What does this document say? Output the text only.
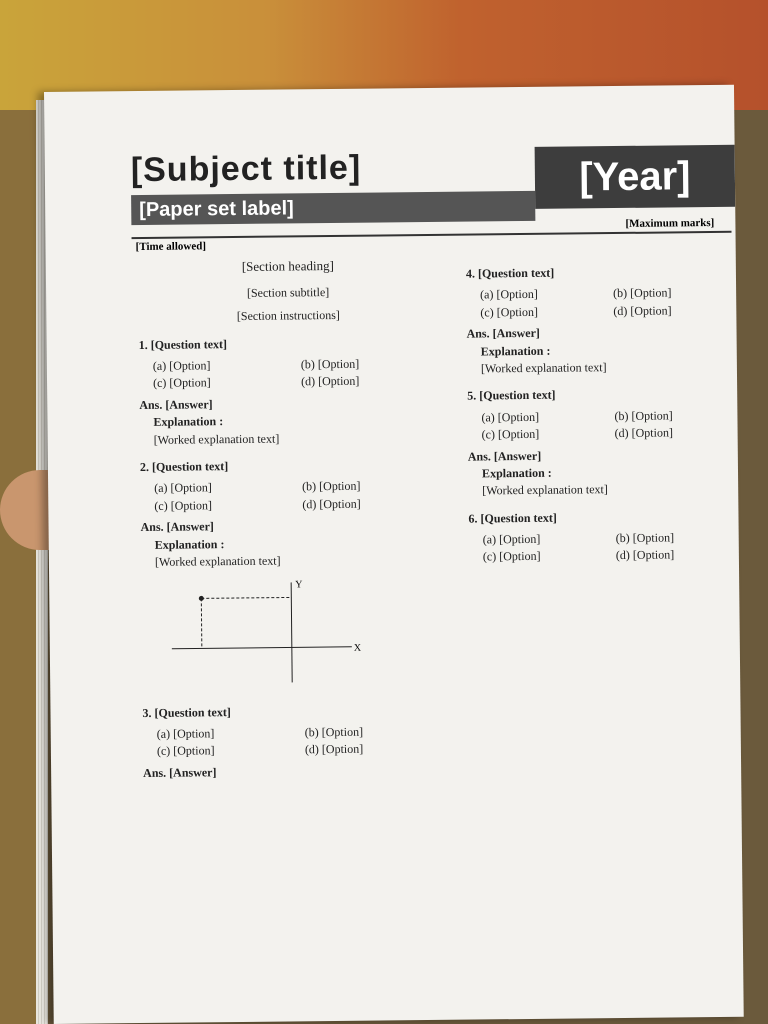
[Subject title]	[Year]
[Paper set label]
[Maximum marks]
[Time allowed]
[Section heading]
[Section subtitle]
[Section instructions]
1. [Question text]
(a) [Option]	(b) [Option]
(c) [Option]	(d) [Option]
Ans. [Answer]
Explanation :
[Worked explanation text]
2. [Question text]
(a) [Option]	(b) [Option]
(c) [Option]	(d) [Option]
Ans. [Answer]
Explanation :
[Worked explanation text]
X
Y
3. [Question text]
(a) [Option]	(b) [Option]
(c) [Option]	(d) [Option]
Ans. [Answer]
4. [Question text]
(a) [Option]	(b) [Option]
(c) [Option]	(d) [Option]
Ans. [Answer]
Explanation :
[Worked explanation text]
5. [Question text]
(a) [Option]	(b) [Option]
(c) [Option]	(d) [Option]
Ans. [Answer]
Explanation :
[Worked explanation text]
6. [Question text]
(a) [Option]	(b) [Option]
(c) [Option]	(d) [Option]
